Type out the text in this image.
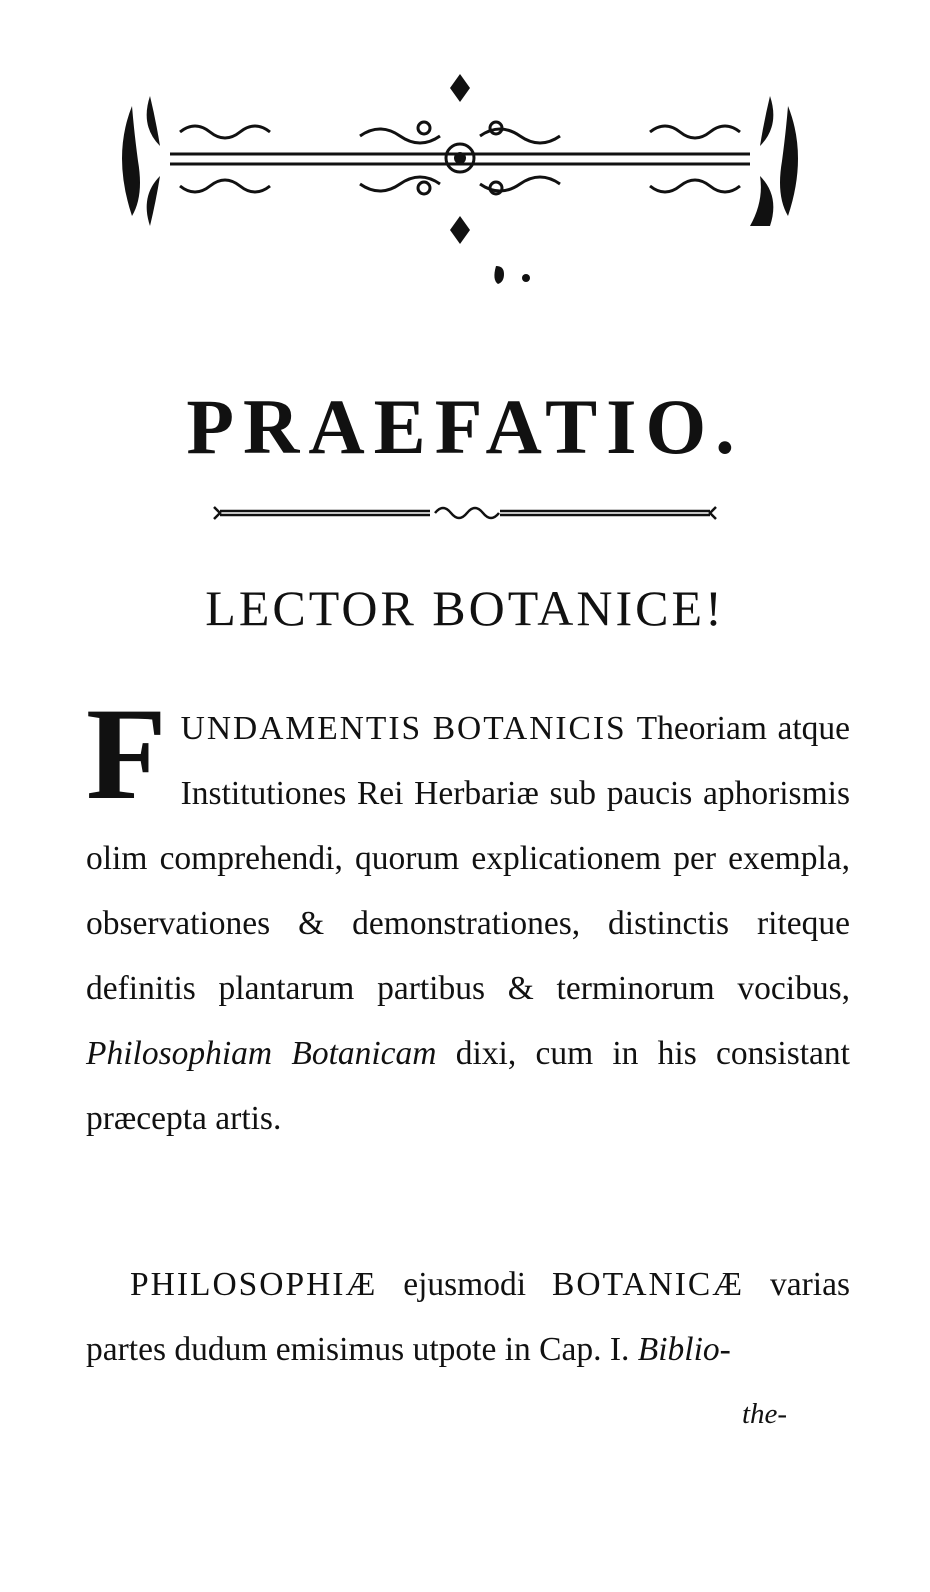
PRAEFATIO.
LECTOR BOTANICE!
FUNDAMENTIS BOTANICIS Theoriam atque Institutiones Rei Herbariæ sub paucis aphorismis olim comprehendi, quorum explicationem per exempla, observationes & demonstrationes, distinctis riteque definitis plantarum partibus & terminorum vocibus, Philosophiam Botanicam dixi, cum in his consistant præcepta artis.
PHILOSOPHIÆ ejusmodi BOTANICÆ varias partes dudum emisimus utpote in Cap. I. Biblio-
the-
